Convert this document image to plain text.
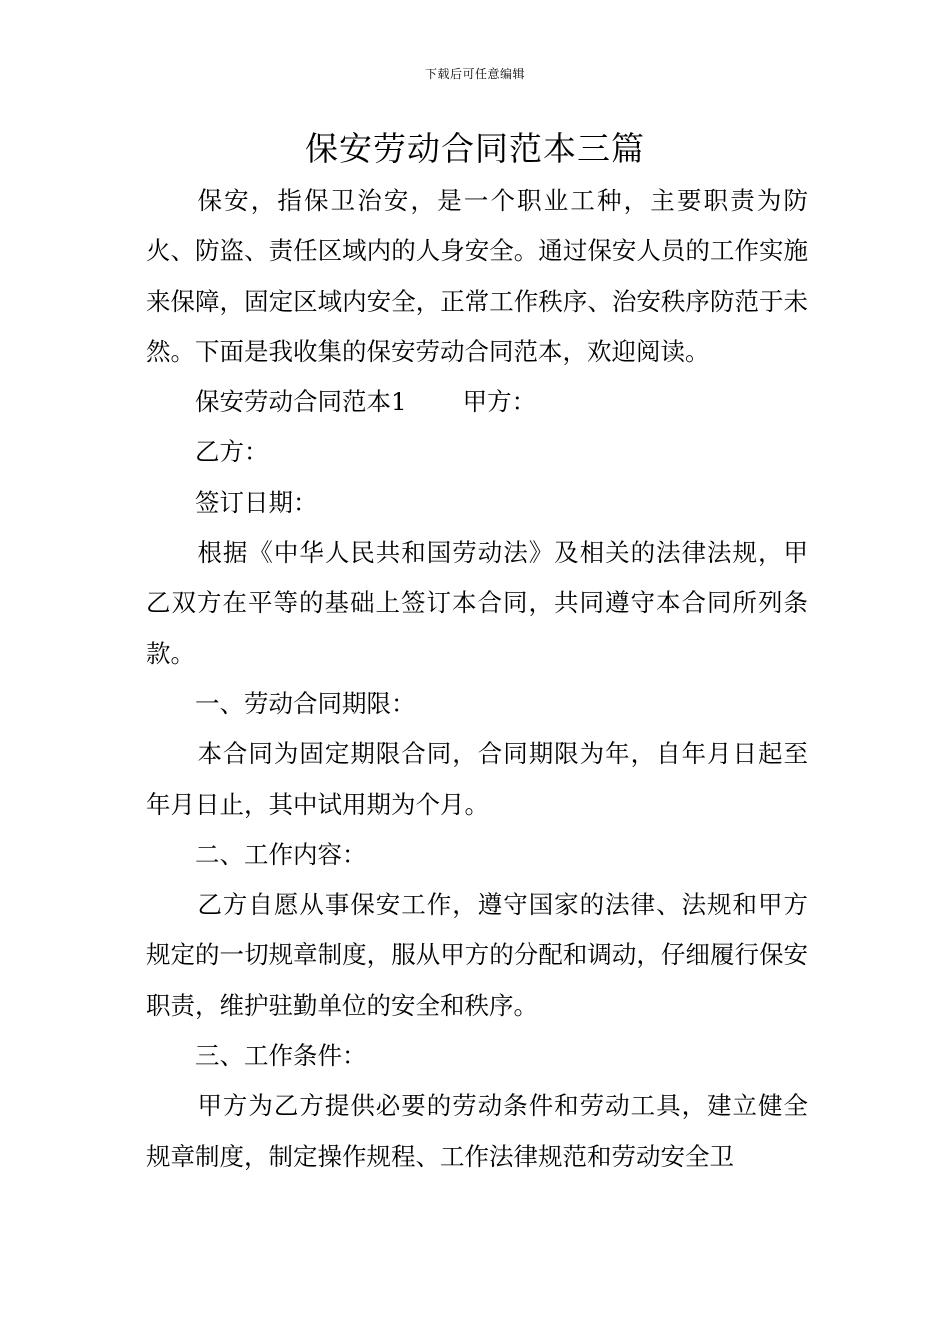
下载后可任意编辑
保安劳动合同范本三篇

保安，指保卫治安，是一个职业工种，主要职责为防火、防盗、责任区域内的人身安全。通过保安人员的工作实施来保障，固定区域内安全，正常工作秩序、治安秩序防范于未然。下面是我收集的保安劳动合同范本，欢迎阅读。

保安劳动合同范本1 甲方：

乙方：

签订日期：

根据《中华人民共和国劳动法》及相关的法律法规，甲乙双方在平等的基础上签订本合同，共同遵守本合同所列条款。

一、劳动合同期限：

本合同为固定期限合同，合同期限为年，自年月日起至年月日止，其中试用期为个月。

二、工作内容：

乙方自愿从事保安工作，遵守国家的法律、法规和甲方规定的一切规章制度，服从甲方的分配和调动，仔细履行保安职责，维护驻勤单位的安全和秩序。

三、工作条件：

甲方为乙方提供必要的劳动条件和劳动工具，建立健全规章制度，制定操作规程、工作法律规范和劳动安全卫
